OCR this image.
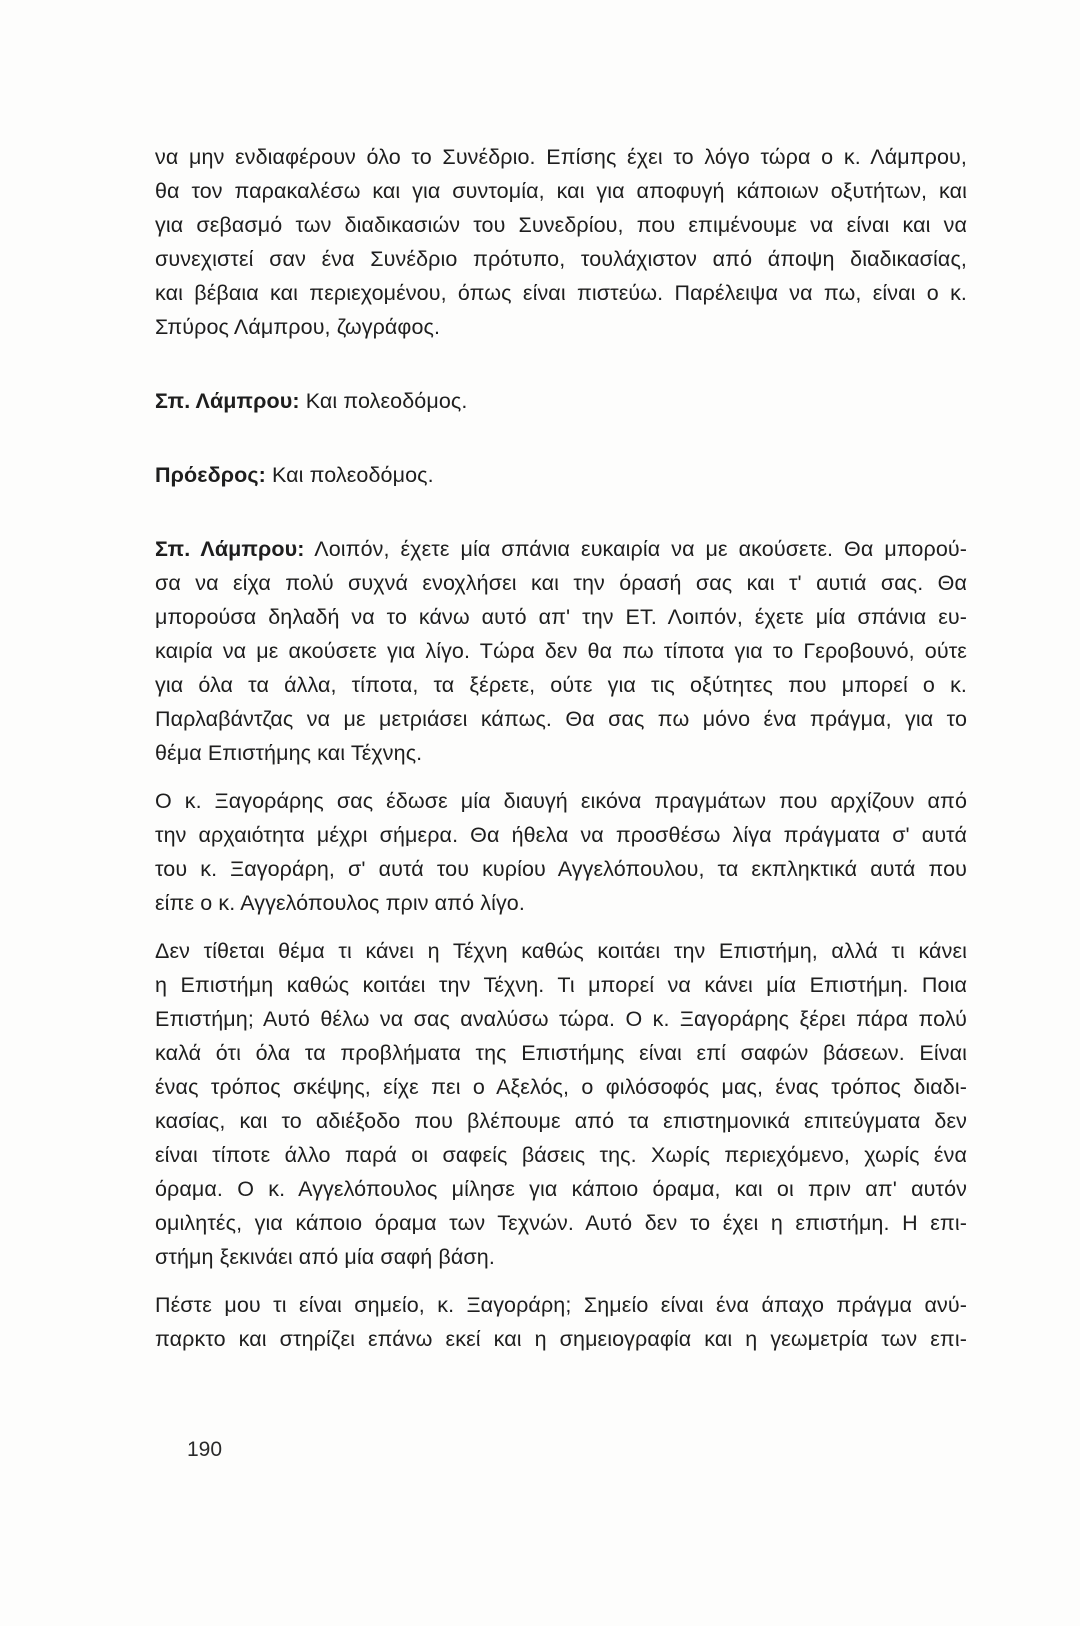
να μην ενδιαφέρουν όλο το Συνέδριο. Επίσης έχει το λόγο τώρα ο κ. Λάμπρου,
θα τον παρακαλέσω και για συντομία, και για αποφυγή κάποιων οξυτήτων, και
για σεβασμό των διαδικασιών του Συνεδρίου, που επιμένουμε να είναι και να
συνεχιστεί σαν ένα Συνέδριο πρότυπο, τουλάχιστον από άποψη διαδικασίας,
και βέβαια και περιεχομένου, όπως είναι πιστεύω. Παρέλειψα να πω, είναι ο κ.
Σπύρος Λάμπρου, ζωγράφος.
Σπ. Λάμπρου: Και πολεοδόμος.
Πρόεδρος: Και πολεοδόμος.
Σπ. Λάμπρου: Λοιπόν, έχετε μία σπάνια ευκαιρία να με ακούσετε. Θα μπορού-
σα να είχα πολύ συχνά ενοχλήσει και την όρασή σας και τ' αυτιά σας. Θα
μπορούσα δηλαδή να το κάνω αυτό απ' την ΕΤ. Λοιπόν, έχετε μία σπάνια ευ-
καιρία να με ακούσετε για λίγο. Τώρα δεν θα πω τίποτα για το Γεροβουνό, ούτε
για όλα τα άλλα, τίποτα, τα ξέρετε, ούτε για τις οξύτητες που μπορεί ο κ.
Παρλαβάντζας να με μετριάσει κάπως. Θα σας πω μόνο ένα πράγμα, για το
θέμα Επιστήμης και Τέχνης.
Ο κ. Ξαγοράρης σας έδωσε μία διαυγή εικόνα πραγμάτων που αρχίζουν από
την αρχαιότητα μέχρι σήμερα. Θα ήθελα να προσθέσω λίγα πράγματα σ' αυτά
του κ. Ξαγοράρη, σ' αυτά του κυρίου Αγγελόπουλου, τα εκπληκτικά αυτά που
είπε ο κ. Αγγελόπουλος πριν από λίγο.
Δεν τίθεται θέμα τι κάνει η Τέχνη καθώς κοιτάει την Επιστήμη, αλλά τι κάνει
η Επιστήμη καθώς κοιτάει την Τέχνη. Τι μπορεί να κάνει μία Επιστήμη. Ποια
Επιστήμη; Αυτό θέλω να σας αναλύσω τώρα. Ο κ. Ξαγοράρης ξέρει πάρα πολύ
καλά ότι όλα τα προβλήματα της Επιστήμης είναι επί σαφών βάσεων. Είναι
ένας τρόπος σκέψης, είχε πει ο Αξελός, ο φιλόσοφός μας, ένας τρόπος διαδι-
κασίας, και το αδιέξοδο που βλέπουμε από τα επιστημονικά επιτεύγματα δεν
είναι τίποτε άλλο παρά οι σαφείς βάσεις της. Χωρίς περιεχόμενο, χωρίς ένα
όραμα. Ο κ. Αγγελόπουλος μίλησε για κάποιο όραμα, και οι πριν απ' αυτόν
ομιλητές, για κάποιο όραμα των Τεχνών. Αυτό δεν το έχει η επιστήμη. Η επι-
στήμη ξεκινάει από μία σαφή βάση.
Πέστε μου τι είναι σημείο, κ. Ξαγοράρη; Σημείο είναι ένα άπαχο πράγμα ανύ-
παρκτο και στηρίζει επάνω εκεί και η σημειογραφία και η γεωμετρία των επι-
190
